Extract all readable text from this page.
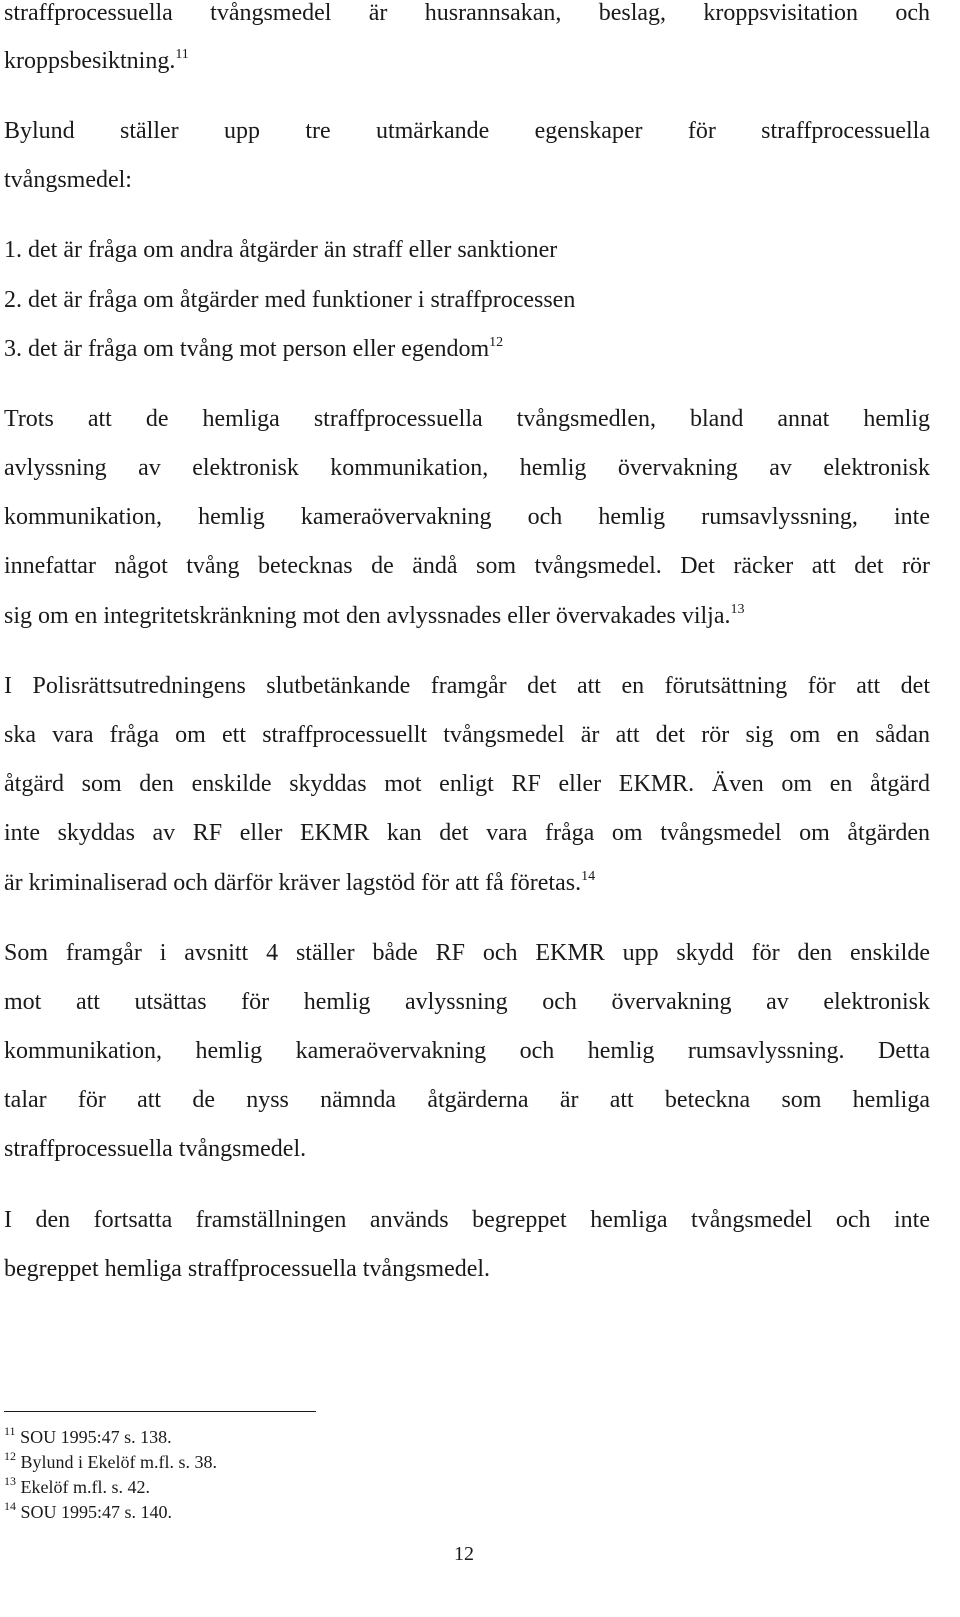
straffprocessuella tvångsmedel är husrannsakan, beslag, kroppsvisitation och
kroppsbesiktning.$^{11}$
Bylund ställer upp tre utmärkande egenskaper för straffprocessuella
tvångsmedel:
1. det är fråga om andra åtgärder än straff eller sanktioner
2. det är fråga om åtgärder med funktioner i straffprocessen
3. det är fråga om tvång mot person eller egendom$^{12}$
Trots att de hemliga straffprocessuella tvångsmedlen, bland annat hemlig
avlyssning av elektronisk kommunikation, hemlig övervakning av elektronisk
kommunikation, hemlig kameraövervakning och hemlig rumsavlyssning, inte
innefattar något tvång betecknas de ändå som tvångsmedel. Det räcker att det rör
sig om en integritetskränkning mot den avlyssnades eller övervakades vilja.$^{13}$
I Polisrättsutredningens slutbetänkande framgår det att en förutsättning för att det
ska vara fråga om ett straffprocessuellt tvångsmedel är att det rör sig om en sådan
åtgärd som den enskilde skyddas mot enligt RF eller EKMR. Även om en åtgärd
inte skyddas av RF eller EKMR kan det vara fråga om tvångsmedel om åtgärden
är kriminaliserad och därför kräver lagstöd för att få företas.$^{14}$
Som framgår i avsnitt 4 ställer både RF och EKMR upp skydd för den enskilde
mot att utsättas för hemlig avlyssning och övervakning av elektronisk
kommunikation, hemlig kameraövervakning och hemlig rumsavlyssning. Detta
talar för att de nyss nämnda åtgärderna är att beteckna som hemliga
straffprocessuella tvångsmedel.
I den fortsatta framställningen används begreppet hemliga tvångsmedel och inte
begreppet hemliga straffprocessuella tvångsmedel.
$^{11}$ SOU 1995:47 s. 138.
$^{12}$ Bylund i Ekelöf m.fl. s. 38.
$^{13}$ Ekelöf m.fl. s. 42.
$^{14}$ SOU 1995:47 s. 140.
12
